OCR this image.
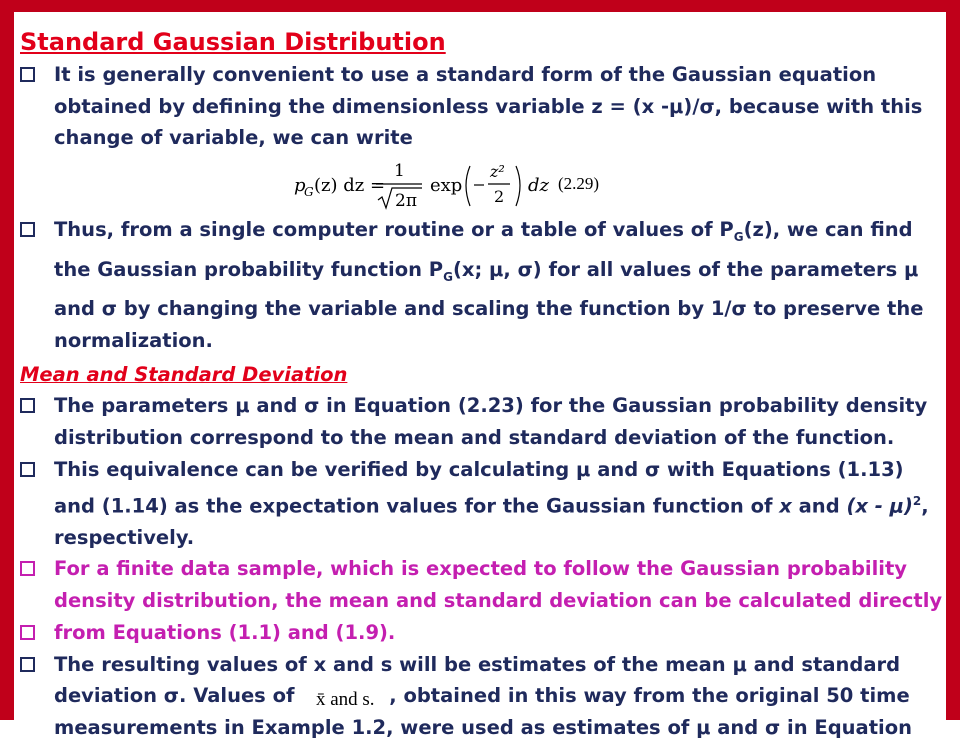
Standard Gaussian Distribution
It is generally convenient to use a standard form of the Gaussian equation
obtained by defining the dimensionless variable z = (x -μ)/σ, because with this
change of variable, we can write
p
G (z) dz =
1
2π
exp
z²
2
dz (2.29)
Thus, from a single computer routine or a table of values of $P_G(z)$, we can find
the Gaussian probability function $P_G(x$; μ, σ) for all values of the parameters μ
and σ by changing the variable and scaling the function by 1/σ to preserve the
normalization.
Mean and Standard Deviation
The parameters μ and σ in Equation (2.23) for the Gaussian probability density
distribution correspond to the mean and standard deviation of the function.
This equivalence can be verified by calculating μ and σ with Equations (1.13)
and (1.14) as the expectation values for the Gaussian function of x and (x - μ)$^2$,
respectively.
For a finite data sample, which is expected to follow the Gaussian probability
density distribution, the mean and standard deviation can be calculated directly
from Equations (1.1) and (1.9).
The resulting values of x and s will be estimates of the mean μ and standard
deviation σ. Values of x̄ and s. , obtained in this way from the original 50 time
measurements in Example 1.2, were used as estimates of μ and σ in Equation
